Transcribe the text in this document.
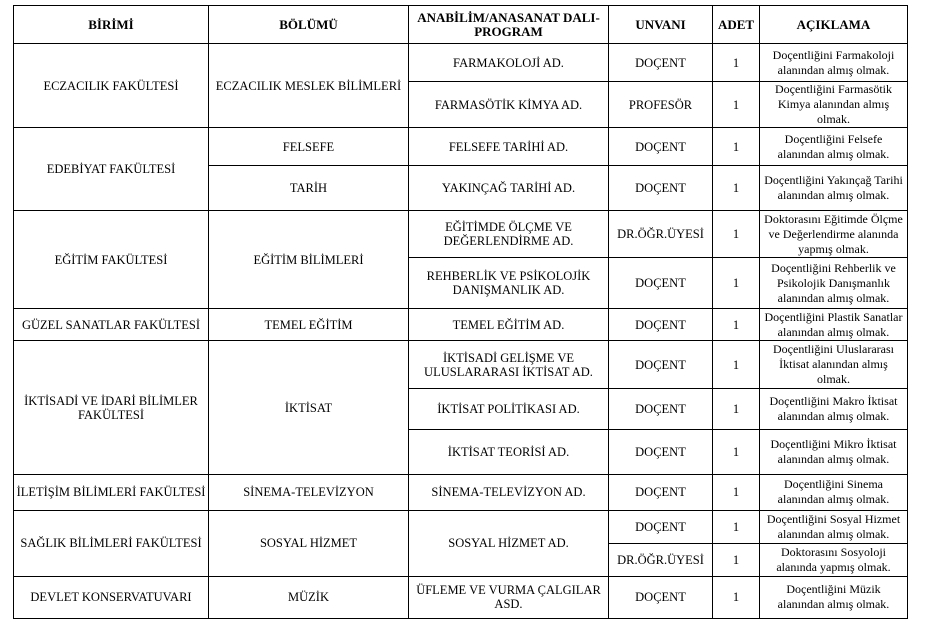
BİRİMİ	BÖLÜMÜ	ANABİLİM/ANASANAT DALI-PROGRAM	UNVANI	ADET	AÇIKLAMA
ECZACILIK FAKÜLTESİ	ECZACILIK MESLEK BİLİMLERİ	FARMAKOLOJİ AD.	DOÇENT	1	Doçentliğini Farmakoloji alanından almış olmak.
		FARMASÖTİK KİMYA AD.	PROFESÖR	1	Doçentliğini Farmasötik Kimya alanından almış olmak.
EDEBİYAT FAKÜLTESİ	FELSEFE	FELSEFE TARİHİ AD.	DOÇENT	1	Doçentliğini Felsefe alanından almış olmak.
	TARİH	YAKINÇAĞ TARİHİ AD.	DOÇENT	1	Doçentliğini Yakınçağ Tarihi alanından almış olmak.
EĞİTİM FAKÜLTESİ	EĞİTİM BİLİMLERİ	EĞİTİMDE ÖLÇME VE DEĞERLENDİRME AD.	DR.ÖĞR.ÜYESİ	1	Doktorasını Eğitimde Ölçme ve Değerlendirme alanında yapmış olmak.
		REHBERLİK VE PSİKOLOJİK DANIŞMANLIK AD.	DOÇENT	1	Doçentliğini Rehberlik ve Psikolojik Danışmanlık alanından almış olmak.
GÜZEL SANATLAR FAKÜLTESİ	TEMEL EĞİTİM	TEMEL EĞİTİM AD.	DOÇENT	1	Doçentliğini Plastik Sanatlar alanından almış olmak.
İKTİSADİ VE İDARİ BİLİMLER FAKÜLTESİ	İKTİSAT	İKTİSADİ GELİŞME VE ULUSLARARASI İKTİSAT AD.	DOÇENT	1	Doçentliğini Uluslararası İktisat alanından almış olmak.
		İKTİSAT POLİTİKASI AD.	DOÇENT	1	Doçentliğini Makro İktisat alanından almış olmak.
		İKTİSAT TEORİSİ AD.	DOÇENT	1	Doçentliğini Mikro İktisat alanından almış olmak.
İLETİŞİM BİLİMLERİ FAKÜLTESİ	SİNEMA-TELEVİZYON	SİNEMA-TELEVİZYON AD.	DOÇENT	1	Doçentliğini Sinema alanından almış olmak.
SAĞLIK BİLİMLERİ FAKÜLTESİ	SOSYAL HİZMET	SOSYAL HİZMET AD.	DOÇENT	1	Doçentliğini Sosyal Hizmet alanından almış olmak.
			DR.ÖĞR.ÜYESİ	1	Doktorasını Sosyoloji alanında yapmış olmak.
DEVLET KONSERVATUVARI	MÜZİK	ÜFLEME VE VURMA ÇALGILAR ASD.	DOÇENT	1	Doçentliğini Müzik alanından almış olmak.
